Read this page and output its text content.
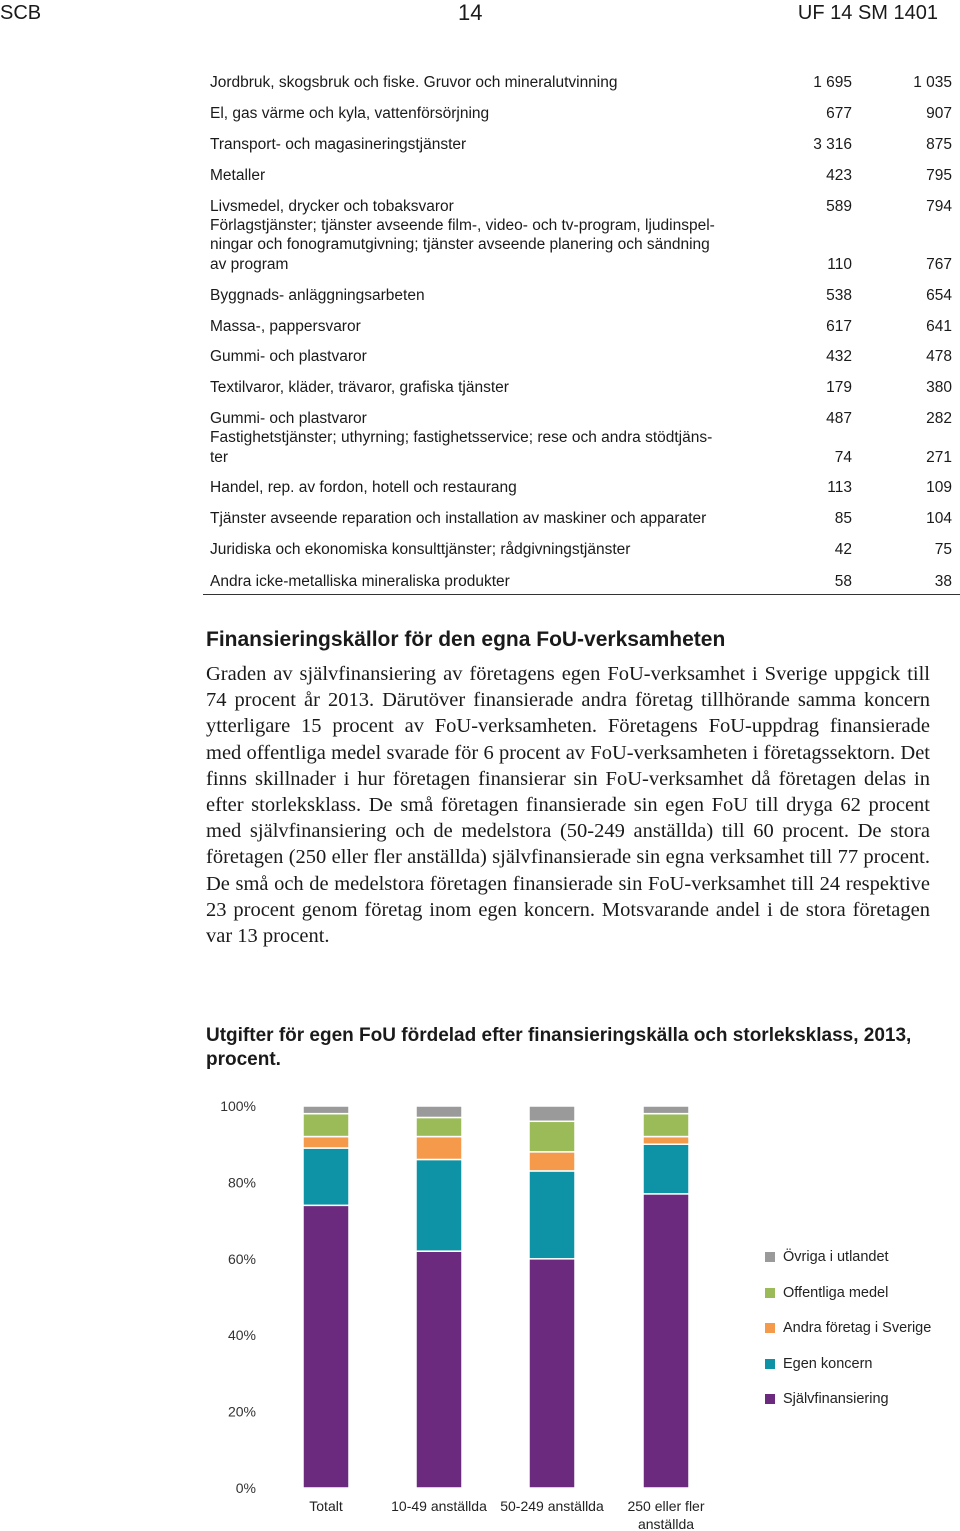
SCB	14	UF 14 SM 1401
Jordbruk, skogsbruk och fiske. Gruvor och mineralutvinning	1 695	1 035
El, gas värme och kyla, vattenförsörjning	677	907
Transport- och magasineringstjänster	3 316	875
Metaller	423	795
Livsmedel, drycker och tobaksvaror	589	794
Förlagstjänster; tjänster avseende film-, video- och tv-program, ljudinspel-
ningar och fonogramutgivning; tjänster avseende planering och sändning
av program	110	767
Byggnads- anläggningsarbeten	538	654
Massa-, pappersvaror	617	641
Gummi- och plastvaror	432	478
Textilvaror, kläder, trävaror, grafiska tjänster	179	380
Gummi- och plastvaror	487	282
Fastighetstjänster; uthyrning; fastighetsservice; rese och andra stödtjäns-
ter	74	271
Handel, rep. av fordon, hotell och restaurang	113	109
Tjänster avseende reparation och installation av maskiner och apparater	85	104
Juridiska och ekonomiska konsulttjänster; rådgivningstjänster	42	75
Andra icke-metalliska mineraliska produkter	58	38
Finansieringskällor för den egna FoU-verksamheten
Graden av självfinansiering av företagens egen FoU-verksamhet i Sverige uppgick till 74 procent år 2013. Därutöver finansierade andra företag tillhörande samma koncern ytterligare 15 procent av FoU-verksamheten. Företagens FoU-uppdrag finansierade med offentliga medel svarade för 6 procent av FoU-verksamheten i företagssektorn. Det finns skillnader i hur företagen finansierar sin FoU-verksamhet då företagen delas in efter storleksklass. De små företagen finansierade sin egen FoU till dryga 62 procent med självfinansiering och de medelstora (50-249 anställda) till 60 procent. De stora företagen (250 eller fler anställda) självfinansierade sin egna verksamhet till 77 procent. De små och de medelstora företagen finansierade sin FoU-verksamhet till 24 respektive 23 procent genom företag inom egen koncern. Motsvarande andel i de stora företagen var 13 procent.
Utgifter för egen FoU fördelad efter finansieringskälla och storleksklass, 2013, procent.
0%
20%
40%
60%
80%
100%
Totalt	10-49 anställda 50-249 anställda 250 eller fler
anställda
Övriga i utlandet
Offentliga medel
Andra företag i Sverige
Egen koncern
Självfinansiering
